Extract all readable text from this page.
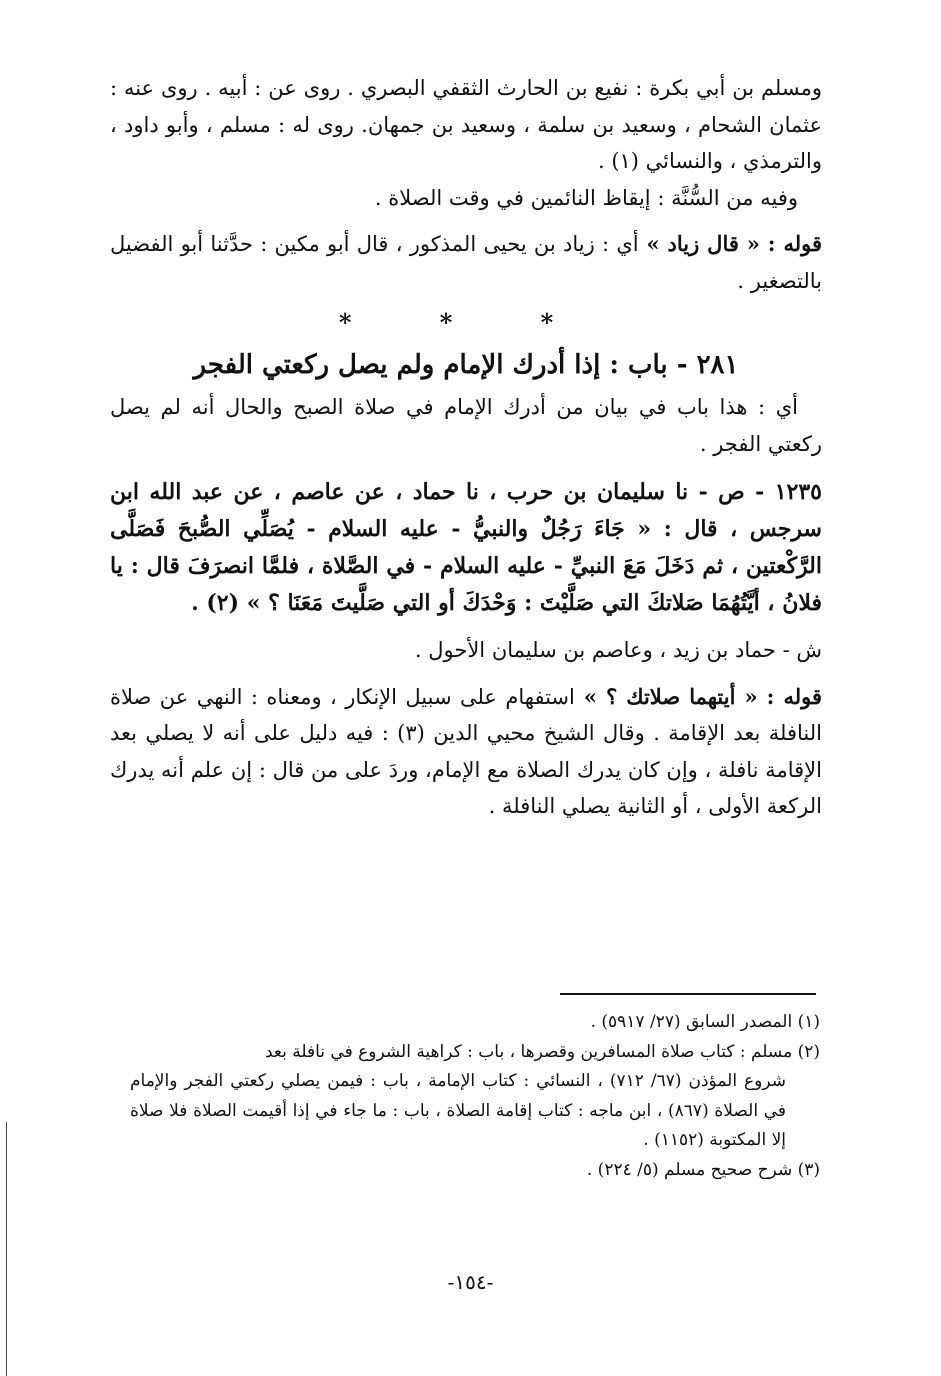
ومسلم بن أبي بكرة : نفيع بن الحارث الثقفي البصري . روى عن : أبيه . روى عنه : عثمان الشحام ، وسعيد بن سلمة ، وسعيد بن جمهان. روى له : مسلم ، وأبو داود ، والترمذي ، والنسائي (١) .

وفيه من السُّنَّة : إيقاظ النائمين في وقت الصلاة .

قوله : « قال زياد » أي : زياد بن يحيى المذكور ، قال أبو مكين : حدَّثنا أبو الفضيل بالتصغير .

* * *
٢٨١ - باب : إذا أدرك الإمام ولم يصل ركعتي الفجر

أي : هذا باب في بيان من أدرك الإمام في صلاة الصبح والحال أنه لم يصل ركعتي الفجر .

١٢٣٥ - ص - نا سليمان بن حرب ، نا حماد ، عن عاصم ، عن عبد الله ابن سرجس ، قال : « جَاءَ رَجُلٌ والنبيُّ - عليه السلام - يُصَلِّي الصُّبحَ فَصَلَّى الرَّكْعتين ، ثم دَخَلَ مَعَ النبيِّ - عليه السلام - في الصَّلاة ، فلمَّا انصرَفَ قال : يا فلانُ ، أيَّتُهُمَا صَلاتكَ التي صَلَّيْتَ : وَحْدَكَ أو التي صَلَّيتَ مَعَنَا ؟ » (٢) .

ش - حماد بن زيد ، وعاصم بن سليمان الأحول .

قوله : « أيتهما صلاتك ؟ » استفهام على سبيل الإنكار ، ومعناه : النهي عن صلاة النافلة بعد الإقامة . وقال الشيخ محيي الدين (٣) : فيه دليل على أنه لا يصلي بعد الإقامة نافلة ، وإن كان يدرك الصلاة مع الإمام، وردَ على من قال : إن علم أنه يدرك الركعة الأولى ، أو الثانية يصلي النافلة .

(١) المصدر السابق (٢٧/ ٥٩١٧) .

(٢) مسلم : كتاب صلاة المسافرين وقصرها ، باب : كراهية الشروع في نافلة بعد

شروع المؤذن (٦٧/ ٧١٢) ، النسائي : كتاب الإمامة ، باب : فيمن يصلي ركعتي الفجر والإمام في الصلاة (٨٦٧) ، ابن ماجه : كتاب إقامة الصلاة ، باب : ما جاء في إذا أقيمت الصلاة فلا صلاة إلا المكتوبة (١١٥٢) .

(٣) شرح صحيح مسلم (٥/ ٢٢٤) .

-١٥٤-
